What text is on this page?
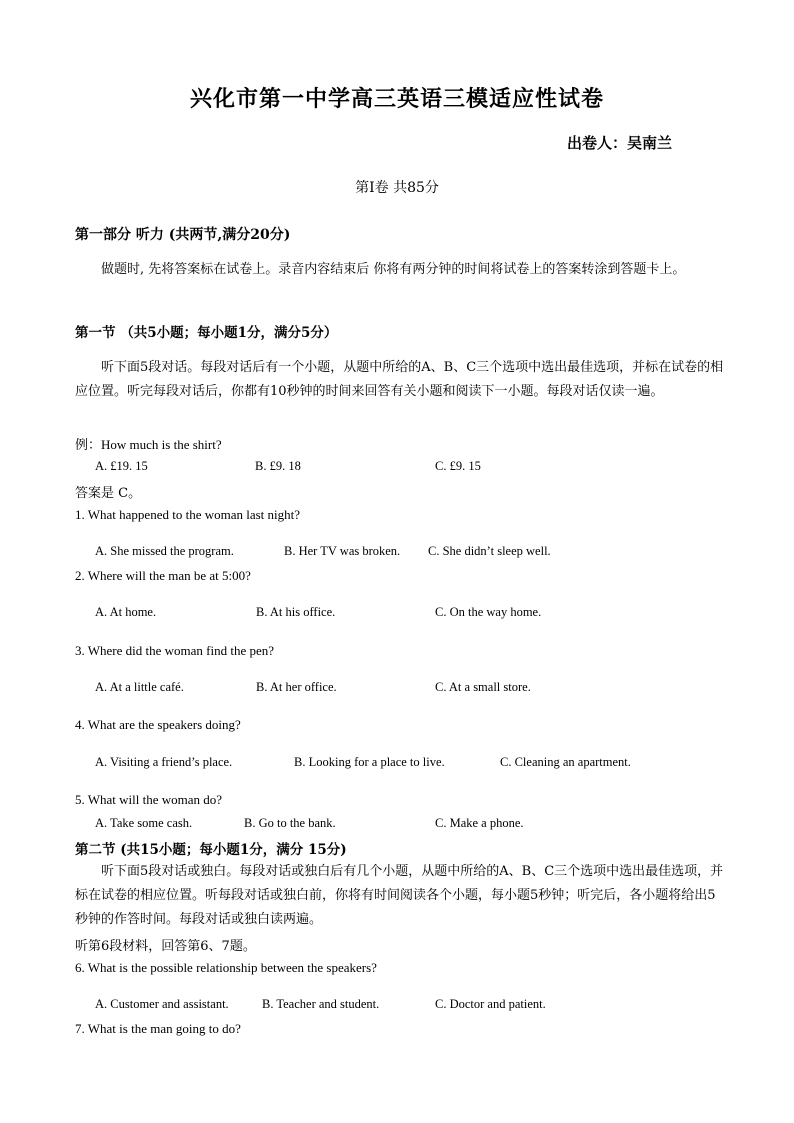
兴化市第一中学高三英语三模适应性试卷
出卷人：吴南兰
第Ⅰ卷 共85分
第一部分 听力 (共两节,满分20分)
做题时, 先将答案标在试卷上。录音内容结束后 你将有两分钟的时间将试卷上的答案转涂到答题卡上。
第一节 （共5小题；每小题1分，满分5分）
听下面5段对话。每段对话后有一个小题，从题中所给的A、B、C三个选项中选出最佳选项，并标在试卷的相应位置。听完每段对话后，你都有10秒钟的时间来回答有关小题和阅读下一小题。每段对话仅读一遍。
例：How much is the shirt?
A. £19. 15	B. £9. 18	C. £9. 15
答案是 C。
1. What happened to the woman last night?
A. She missed the program.	B. Her TV was broken. C. She didn’t sleep well.
2. Where will the man be at 5:00?
A. At home.	B. At his office.	C. On the way home.
3. Where did the woman find the pen?
A. At a little café.	B. At her office.	C. At a small store.
4. What are the speakers doing?
A. Visiting a friend’s place.	B. Looking for a place to live.	C. Cleaning an apartment.
5. What will the woman do?
A. Take some cash.	B. Go to the bank.	C. Make a phone.
第二节 (共15小题；每小题1分，满分 15分)
听下面5段对话或独白。每段对话或独白后有几个小题，从题中所给的A、B、C三个选项中选出最佳选项，并标在试卷的相应位置。听每段对话或独白前，你将有时间阅读各个小题，每小题5秒钟；听完后，各小题将给出5秒钟的作答时间。每段对话或独白读两遍。
听第6段材料，回答第6、7题。
6. What is the possible relationship between the speakers?
A. Customer and assistant.	B. Teacher and student.	C. Doctor and patient.
7. What is the man going to do?
